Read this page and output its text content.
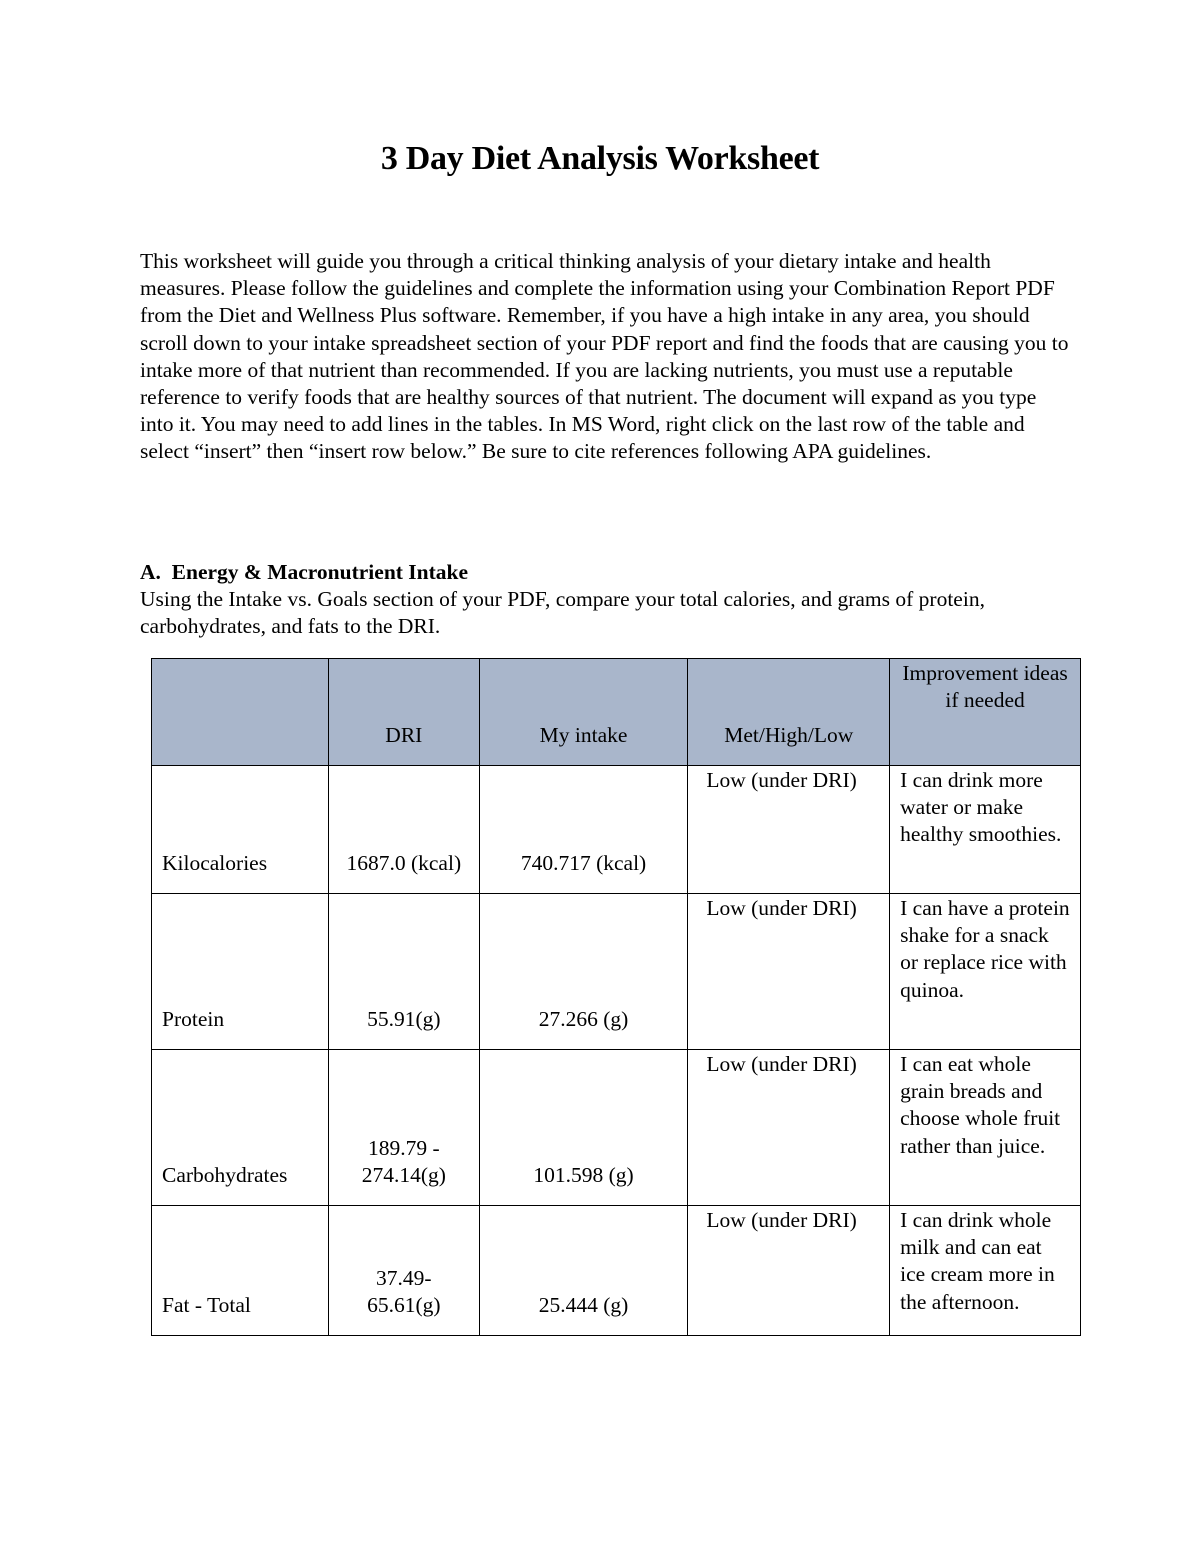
3 Day Diet Analysis Worksheet
This worksheet will guide you through a critical thinking analysis of your dietary intake and health measures. Please follow the guidelines and complete the information using your Combination Report PDF from the Diet and Wellness Plus software. Remember, if you have a high intake in any area, you should scroll down to your intake spreadsheet section of your PDF report and find the foods that are causing you to intake more of that nutrient than recommended. If you are lacking nutrients, you must use a reputable reference to verify foods that are healthy sources of that nutrient. The document will expand as you type into it. You may need to add lines in the tables. In MS Word, right click on the last row of the table and select “insert” then “insert row below.” Be sure to cite references following APA guidelines.
A.  Energy & Macronutrient Intake
Using the Intake vs. Goals section of your PDF, compare your total calories, and grams of protein, carbohydrates, and fats to the DRI.
	DRI	My intake	Met/High/Low	Improvement ideas if needed
Kilocalories	1687.0 (kcal)	740.717 (kcal)	Low (under DRI)	I can drink more water or make healthy smoothies.
Protein	55.91(g)	27.266 (g)	Low (under DRI)	I can have a protein shake for a snack or replace rice with quinoa.
Carbohydrates	189.79 - 274.14(g)	101.598 (g)	Low (under DRI)	I can eat whole grain breads and choose whole fruit rather than juice.
Fat - Total	37.49- 65.61(g)	25.444 (g)	Low (under DRI)	I can drink whole milk and can eat ice cream more in the afternoon.
